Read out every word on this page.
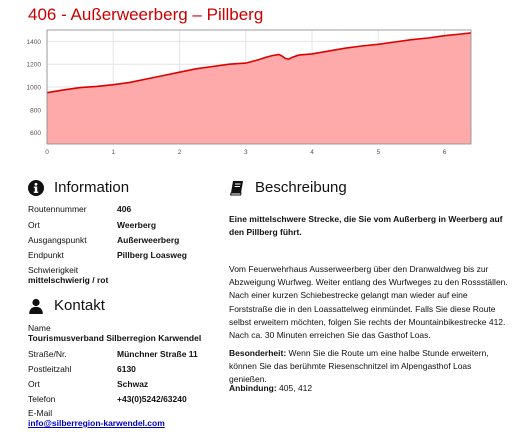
406 - Außerweerberg – Pillberg
600
800
1000
1200
1400
0	1	2	3	4	5	6
Information
Routennummer	406
Ort	Weerberg
Ausgangspunkt	Außerweerberg
Endpunkt	Pillberg Loasweg
Schwierigkeit
mittelschwierig / rot
Kontakt
Name
Tourismusverband Silberregion Karwendel
Straße/Nr.	Münchner Straße 11
Postleitzahl	6130
Ort	Schwaz
Telefon	+43(0)5242/63240
E-Mail
info@silberregion-karwendel.com
Beschreibung
Eine mittelschwere Strecke, die Sie vom Außerberg in Weerberg auf den Pillberg führt.
Vom Feuerwehrhaus Ausserweerberg über den Dranwaldweg bis zur Abzweigung Wurfweg. Weiter entlang des Wurfweges zu den Rossställen. Nach einer kurzen Schiebestrecke gelangt man wieder auf eine Forststraße die in den Loassattelweg einmündet. Falls Sie diese Route selbst erweitern möchten, folgen Sie rechts der Mountainbikestrecke 412. Nach ca. 30 Minuten erreichen Sie das Gasthof Loas.
Besonderheit: Wenn Sie die Route um eine halbe Stunde erweitern, können Sie das berühmte Riesenschnitzel im Alpengasthof Loas genießen.
Anbindung: 405, 412
